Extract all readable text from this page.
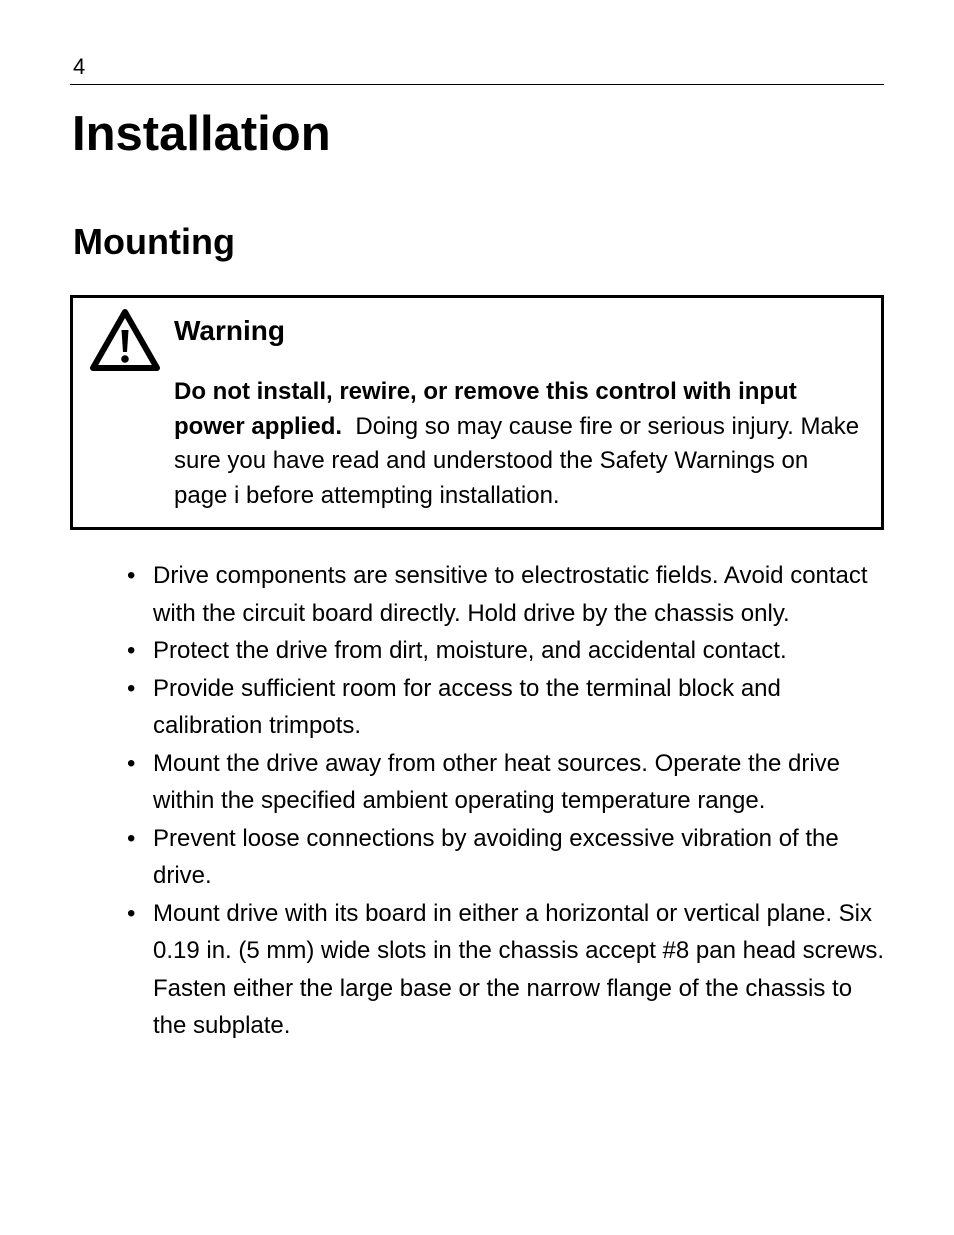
4
Installation
Mounting
Warning

Do not install, rewire, or remove this control with input power applied. Doing so may cause fire or serious injury. Make sure you have read and understood the Safety Warnings on page i before attempting installation.

• Drive components are sensitive to electrostatic fields. Avoid contact with the circuit board directly. Hold drive by the chassis only.
• Protect the drive from dirt, moisture, and accidental contact.
• Provide sufficient room for access to the terminal block and calibration trimpots.
• Mount the drive away from other heat sources. Operate the drive within the specified ambient operating temperature range.
• Prevent loose connections by avoiding excessive vibration of the drive.
• Mount drive with its board in either a horizontal or vertical plane. Six 0.19 in. (5 mm) wide slots in the chassis accept #8 pan head screws. Fasten either the large base or the narrow flange of the chassis to the subplate.
